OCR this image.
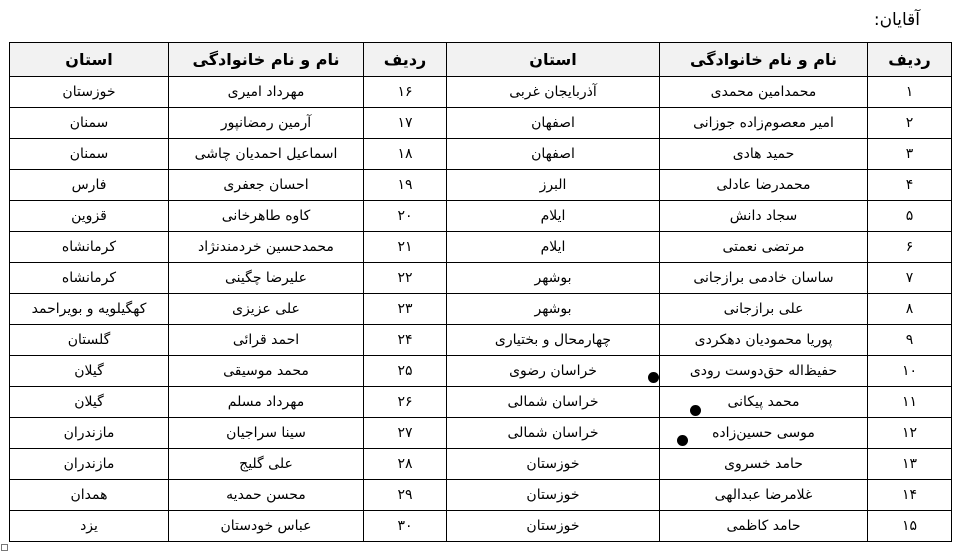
آقایان:
ردیف	نام و نام خانوادگی	استان	ردیف	نام و نام خانوادگی	استان
۱	محمدامین محمدی	آذربایجان غربی	۱۶	مهرداد امیری	خوزستان
۲	امیر معصوم‌زاده جوزانی	اصفهان	۱۷	آرمین رمضانپور	سمنان
۳	حمید هادی	اصفهان	۱۸	اسماعیل احمدیان چاشی	سمنان
۴	محمدرضا عادلی	البرز	۱۹	احسان جعفری	فارس
۵	سجاد دانش	ایلام	۲۰	کاوه طاهرخانی	قزوین
۶	مرتضی نعمتی	ایلام	۲۱	محمدحسین خردمندنژاد	کرمانشاه
۷	ساسان خادمی برازجانی	بوشهر	۲۲	علیرضا چگینی	کرمانشاه
۸	علی برازجانی	بوشهر	۲۳	علی عزیزی	کهگیلویه و بویراحمد
۹	پوریا محمودیان دهکردی	چهارمحال و بختیاری	۲۴	احمد قرائی	گلستان
۱۰	حفیظ‌اله حق‌دوست رودی	خراسان رضوی	۲۵	محمد موسیقی	گیلان
۱۱	محمد پیکانی	خراسان شمالی	۲۶	مهرداد مسلم	گیلان
۱۲	موسی حسین‌زاده	خراسان شمالی	۲۷	سینا سراجیان	مازندران
۱۳	حامد خسروی	خوزستان	۲۸	علی گلیج	مازندران
۱۴	غلامرضا عبدالهی	خوزستان	۲۹	محسن حمدیه	همدان
۱۵	حامد کاظمی	خوزستان	۳۰	عباس خودستان	یزد
